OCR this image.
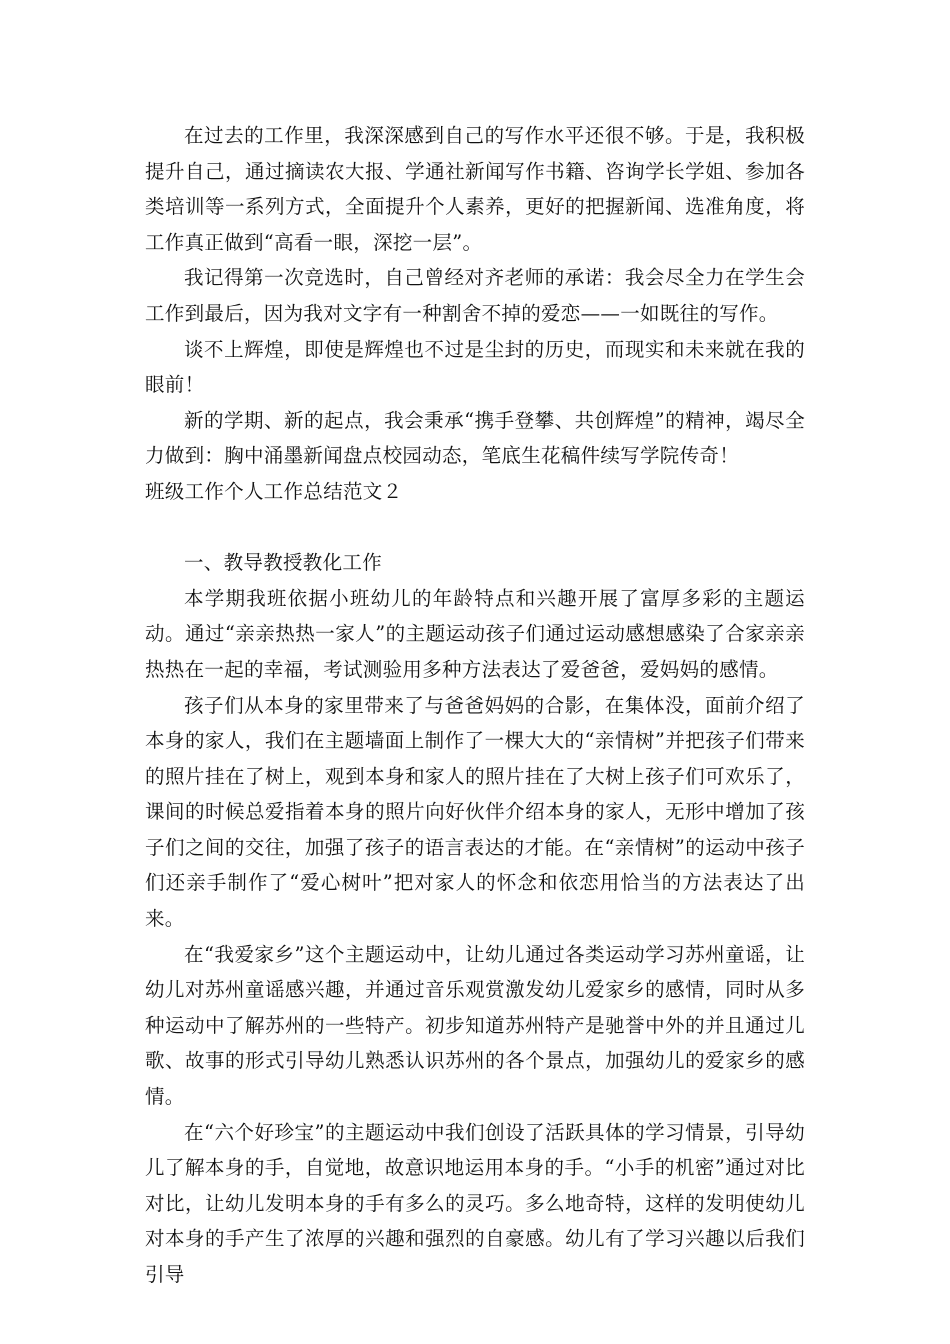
在过去的工作里，我深深感到自己的写作水平还很不够。于是，我积极提升自己，通过摘读农大报、学通社新闻写作书籍、咨询学长学姐、参加各类培训等一系列方式，全面提升个人素养，更好的把握新闻、选准角度，将工作真正做到“高看一眼，深挖一层”。

我记得第一次竞选时，自己曾经对齐老师的承诺：我会尽全力在学生会工作到最后，因为我对文字有一种割舍不掉的爱恋——一如既往的写作。

谈不上辉煌，即使是辉煌也不过是尘封的历史，而现实和未来就在我的眼前！

新的学期、新的起点，我会秉承“携手登攀、共创辉煌”的精神，竭尽全力做到：胸中涌墨新闻盘点校园动态，笔底生花稿件续写学院传奇！

班级工作个人工作总结范文２

一、教导教授教化工作

本学期我班依据小班幼儿的年龄特点和兴趣开展了富厚多彩的主题运动。通过“亲亲热热一家人”的主题运动孩子们通过运动感想感染了合家亲亲热热在一起的幸福，考试测验用多种方法表达了爱爸爸，爱妈妈的感情。

孩子们从本身的家里带来了与爸爸妈妈的合影，在集体没，面前介绍了本身的家人，我们在主题墙面上制作了一棵大大的“亲情树”并把孩子们带来的照片挂在了树上，观到本身和家人的照片挂在了大树上孩子们可欢乐了，课间的时候总爱指着本身的照片向好伙伴介绍本身的家人，无形中增加了孩子们之间的交往，加强了孩子的语言表达的才能。在“亲情树”的运动中孩子们还亲手制作了“爱心树叶”把对家人的怀念和依恋用恰当的方法表达了出来。

在“我爱家乡”这个主题运动中，让幼儿通过各类运动学习苏州童谣，让幼儿对苏州童谣感兴趣，并通过音乐观赏激发幼儿爱家乡的感情，同时从多种运动中了解苏州的一些特产。初步知道苏州特产是驰誉中外的并且通过儿歌、故事的形式引导幼儿熟悉认识苏州的各个景点，加强幼儿的爱家乡的感情。

在“六个好珍宝”的主题运动中我们创设了活跃具体的学习情景，引导幼儿了解本身的手，自觉地，故意识地运用本身的手。“小手的机密”通过对比对比，让幼儿发明本身的手有多么的灵巧。多么地奇特，这样的发明使幼儿对本身的手产生了浓厚的兴趣和强烈的自豪感。幼儿有了学习兴趣以后我们引导
